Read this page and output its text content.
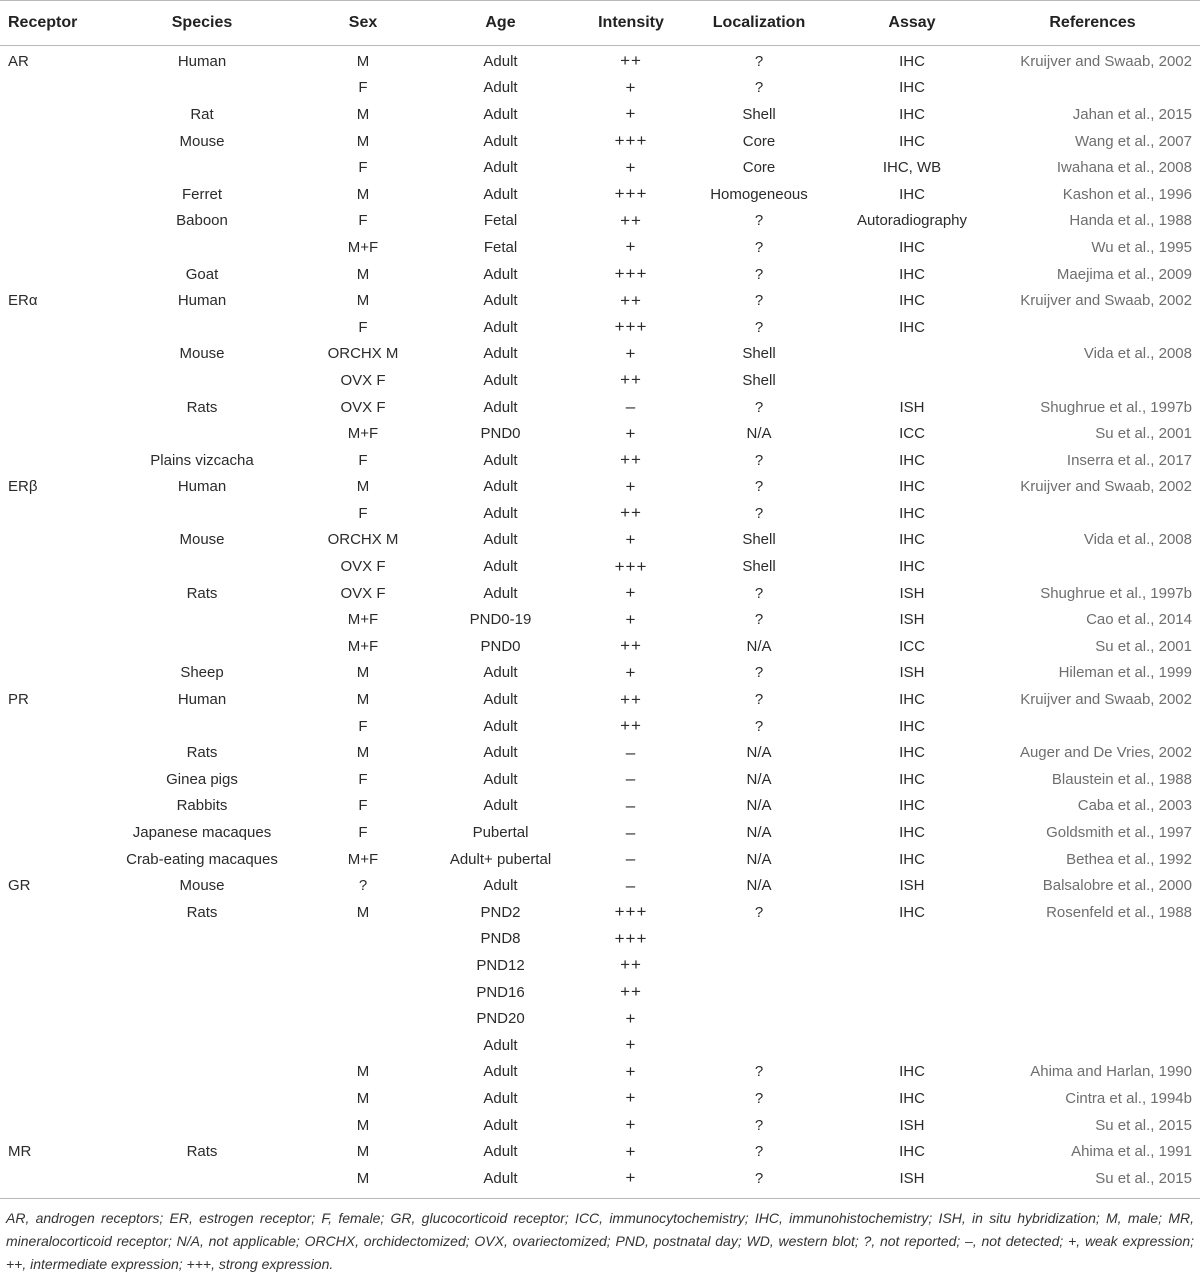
Receptor	Species	Sex	Age	Intensity	Localization	Assay	References
AR	Human	M	Adult	++	?	IHC	Kruijver and Swaab, 2002
		F	Adult	+	?	IHC	
	Rat	M	Adult	+	Shell	IHC	Jahan et al., 2015
	Mouse	M	Adult	+++	Core	IHC	Wang et al., 2007
		F	Adult	+	Core	IHC, WB	Iwahana et al., 2008
	Ferret	M	Adult	+++	Homogeneous	IHC	Kashon et al., 1996
	Baboon	F	Fetal	++	?	Autoradiography	Handa et al., 1988
		M+F	Fetal	+	?	IHC	Wu et al., 1995
	Goat	M	Adult	+++	?	IHC	Maejima et al., 2009
ERα	Human	M	Adult	++	?	IHC	Kruijver and Swaab, 2002
		F	Adult	+++	?	IHC	
	Mouse	ORCHX M	Adult	+	Shell		Vida et al., 2008
		OVX F	Adult	++	Shell		
	Rats	OVX F	Adult	–	?	ISH	Shughrue et al., 1997b
		M+F	PND0	+	N/A	ICC	Su et al., 2001
	Plains vizcacha	F	Adult	++	?	IHC	Inserra et al., 2017
ERβ	Human	M	Adult	+	?	IHC	Kruijver and Swaab, 2002
		F	Adult	++	?	IHC	
	Mouse	ORCHX M	Adult	+	Shell	IHC	Vida et al., 2008
		OVX F	Adult	+++	Shell	IHC	
	Rats	OVX F	Adult	+	?	ISH	Shughrue et al., 1997b
		M+F	PND0-19	+	?	ISH	Cao et al., 2014
		M+F	PND0	++	N/A	ICC	Su et al., 2001
	Sheep	M	Adult	+	?	ISH	Hileman et al., 1999
PR	Human	M	Adult	++	?	IHC	Kruijver and Swaab, 2002
		F	Adult	++	?	IHC	
	Rats	M	Adult	–	N/A	IHC	Auger and De Vries, 2002
	Ginea pigs	F	Adult	–	N/A	IHC	Blaustein et al., 1988
	Rabbits	F	Adult	–	N/A	IHC	Caba et al., 2003
	Japanese macaques	F	Pubertal	–	N/A	IHC	Goldsmith et al., 1997
	Crab-eating macaques	M+F	Adult+ pubertal	–	N/A	IHC	Bethea et al., 1992
GR	Mouse	?	Adult	–	N/A	ISH	Balsalobre et al., 2000
	Rats	M	PND2	+++	?	IHC	Rosenfeld et al., 1988
			PND8	+++			
			PND12	++			
			PND16	++			
			PND20	+			
			Adult	+			
		M	Adult	+	?	IHC	Ahima and Harlan, 1990
		M	Adult	+	?	IHC	Cintra et al., 1994b
		M	Adult	+	?	ISH	Su et al., 2015
MR	Rats	M	Adult	+	?	IHC	Ahima et al., 1991
		M	Adult	+	?	ISH	Su et al., 2015
AR, androgen receptors; ER, estrogen receptor; F, female; GR, glucocorticoid receptor; ICC, immunocytochemistry; IHC, immunohistochemistry; ISH, in situ hybridization; M, male; MR, mineralocorticoid receptor; N/A, not applicable; ORCHX, orchidectomized; OVX, ovariectomized; PND, postnatal day; WD, western blot; ?, not reported; –, not detected; +, weak expression; ++, intermediate expression; +++, strong expression.
